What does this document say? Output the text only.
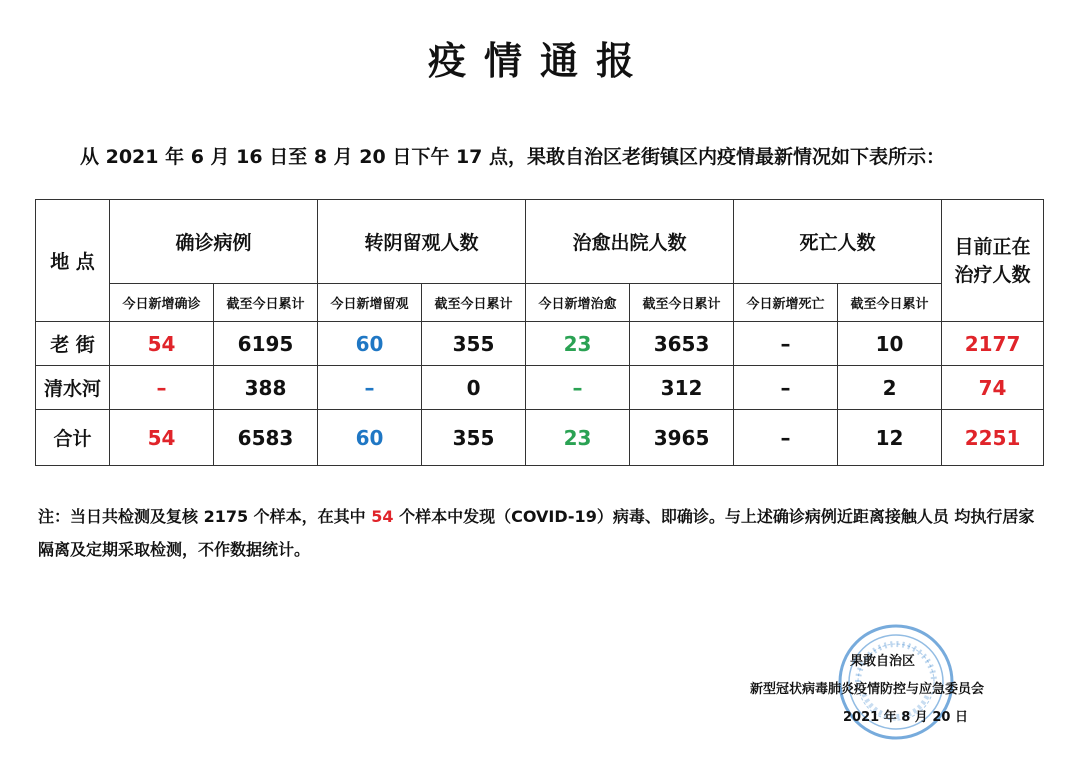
疫情通报
从 2021 年 6 月 16 日至 8 月 20 日下午 17 点，果敢自治区老街镇区内疫情最新情况如下表所示：
地 点	确诊病例		转阴留观人数		治愈出院人数		死亡人数		目前正在治疗人数
	今日新增确诊	截至今日累计	今日新增留观	截至今日累计	今日新增治愈	截至今日累计	今日新增死亡	截至今日累计	
老 街	54	6195	60	355	23	3653	–	10	2177
清水河	–	388	–	0	–	312	–	2	74
合计	54	6583	60	355	23	3965	–	12	2251
注：当日共检测及复核 2175 个样本，在其中 54 个样本中发现（COVID-19）病毒、即确诊。与上述确诊病例近距离接触人员 均执行居家隔离及定期采取检测，不作数据统计。
果敢自治区
新型冠状病毒肺炎疫情防控与应急委员会
2021 年 8 月 20 日
